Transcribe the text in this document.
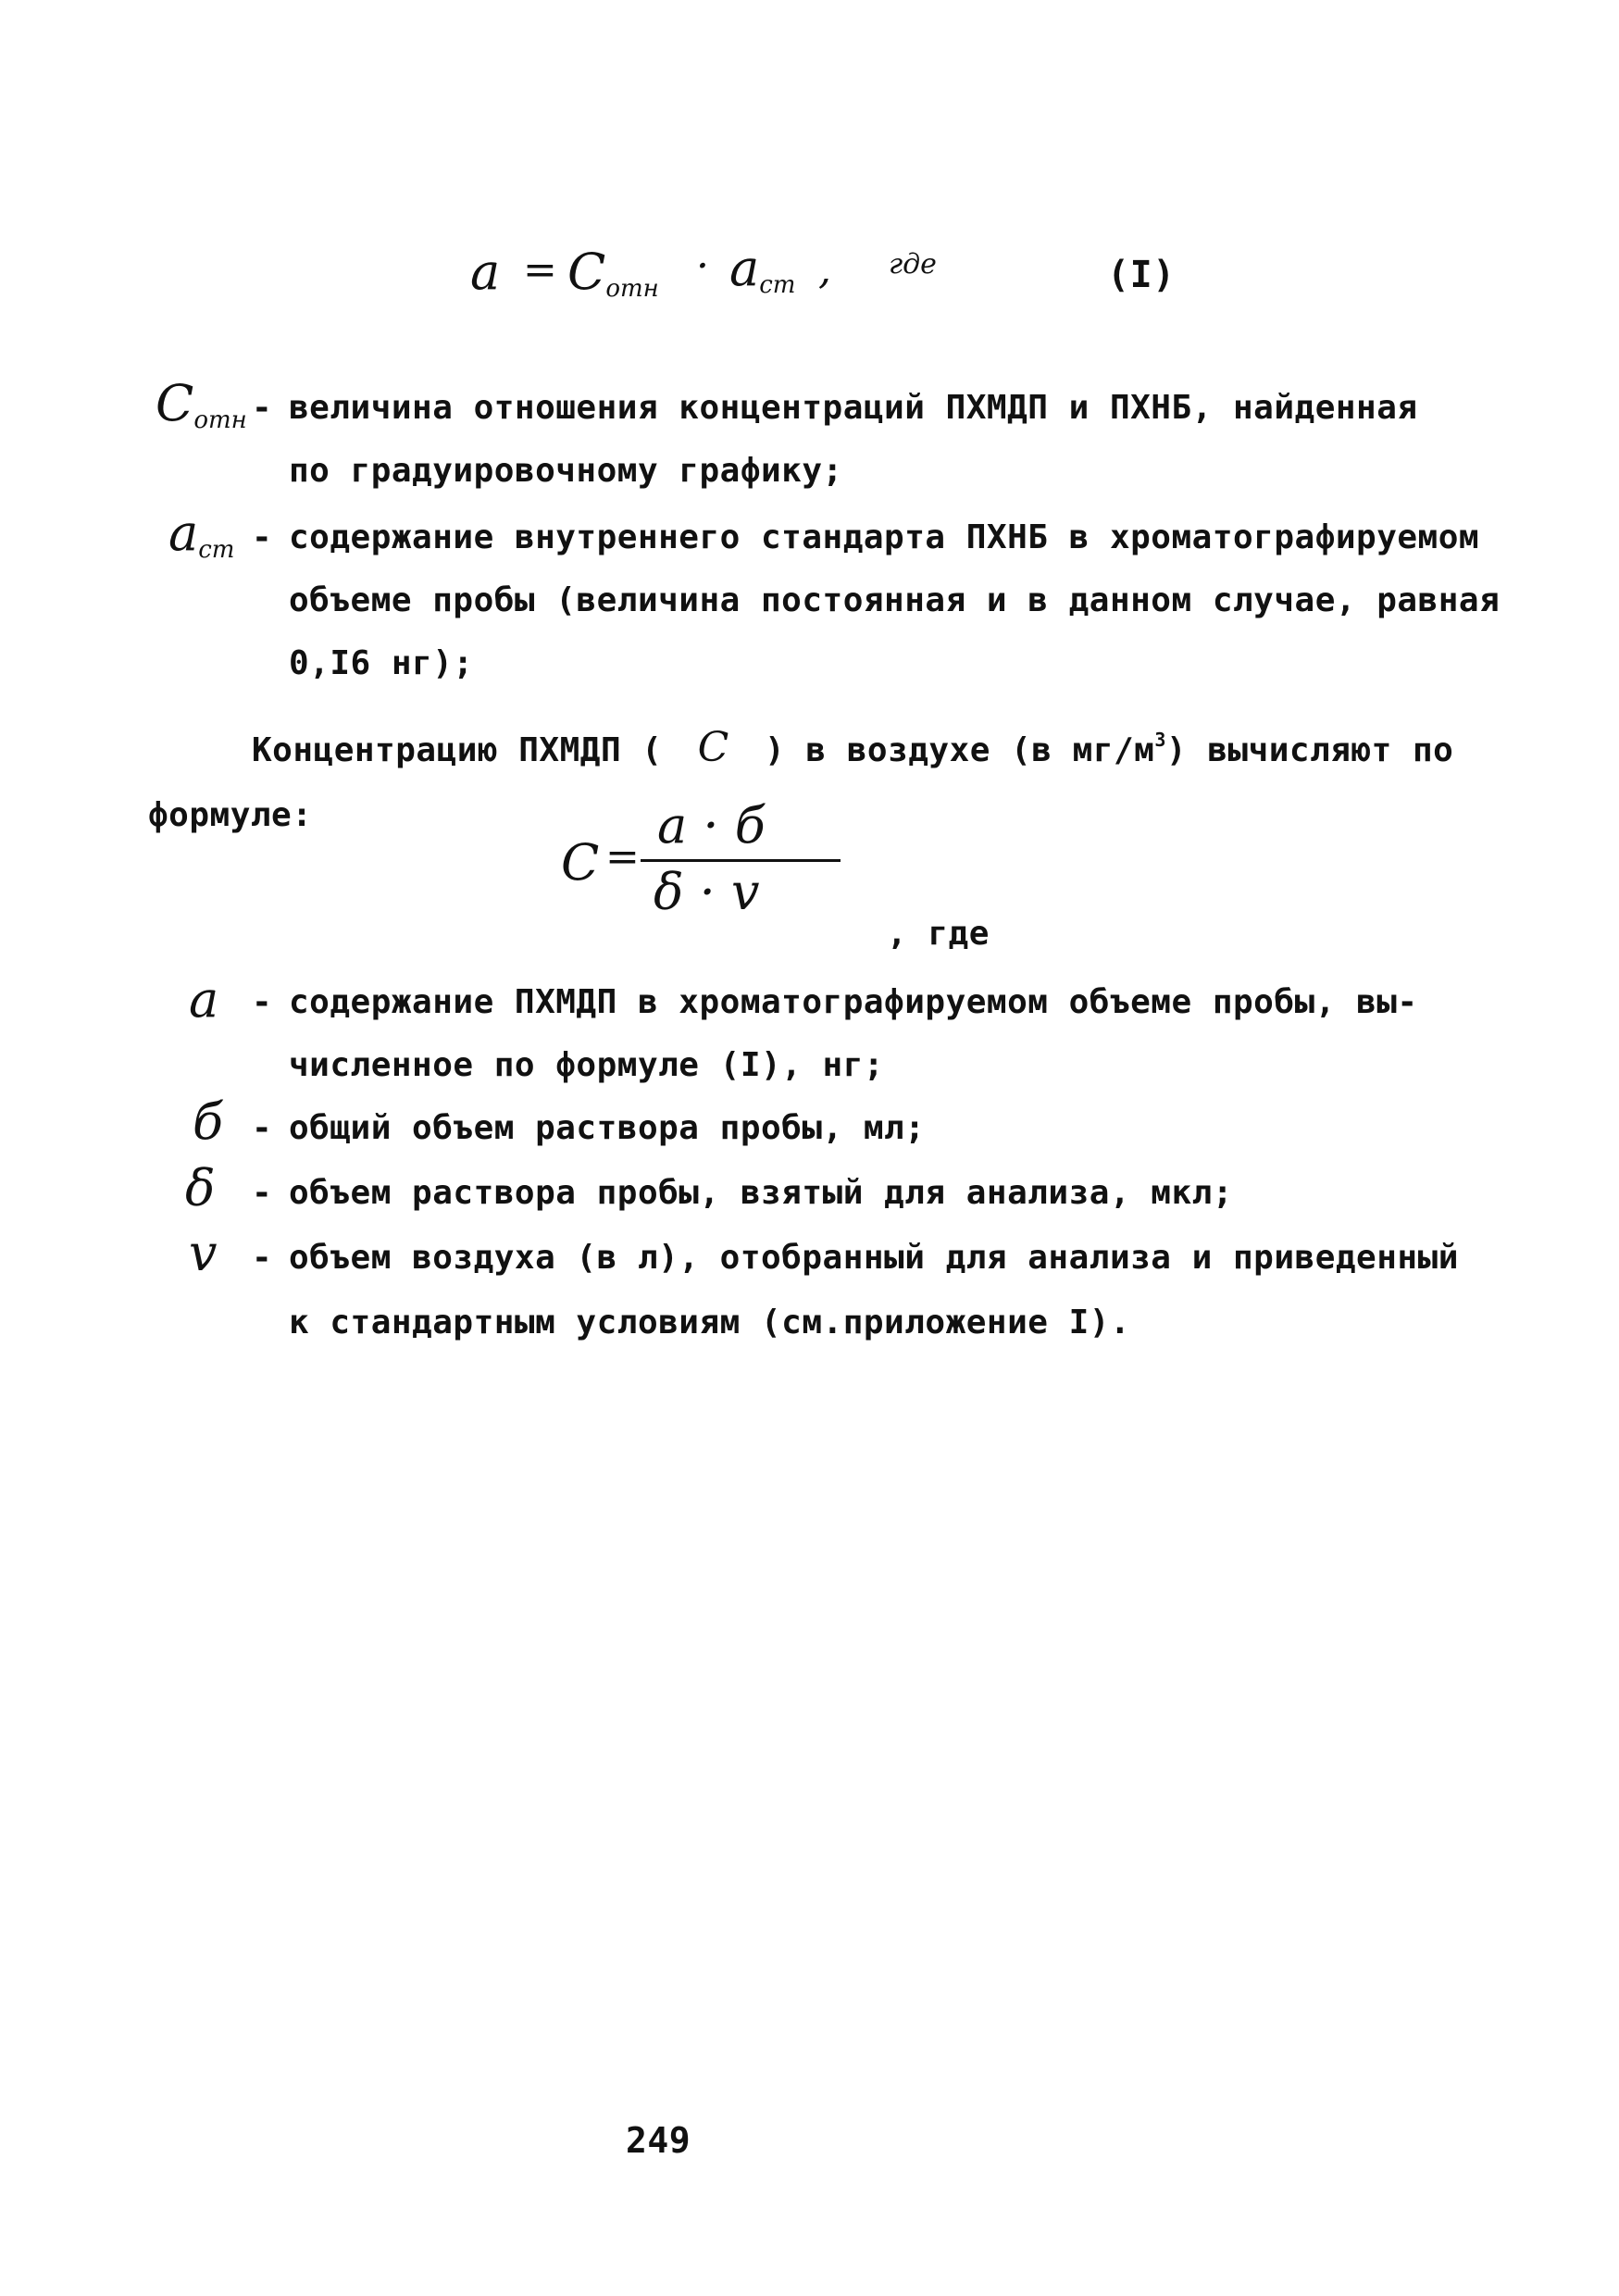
$a = C_{отн} \cdot a_{ст}$ , где	(I)
$C_{отн}$ - величина отношения концентраций ПХМДП и ПХНБ, найденная
по градуировочному графику;
$a_{ст}$ - содержание внутреннего стандарта ПХНБ в хроматографируемом
объеме пробы (величина постоянная и в данном случае, равная
0,I6 нг);
Концентрацию ПХМДП ( C ) в воздухе (в $мг/м^3$) вычисляют по
формуле:
C =
a · б
δ · v
, где
a - содержание ПХМДП в хроматографируемом объеме пробы, вы-
численное по формуле (I), нг;
б - общий объем раствора пробы, мл;
δ - объем раствора пробы, взятый для анализа, мкл;
v - объем воздуха (в л), отобранный для анализа и приведенный
к стандартным условиям (см.приложение I).
249
